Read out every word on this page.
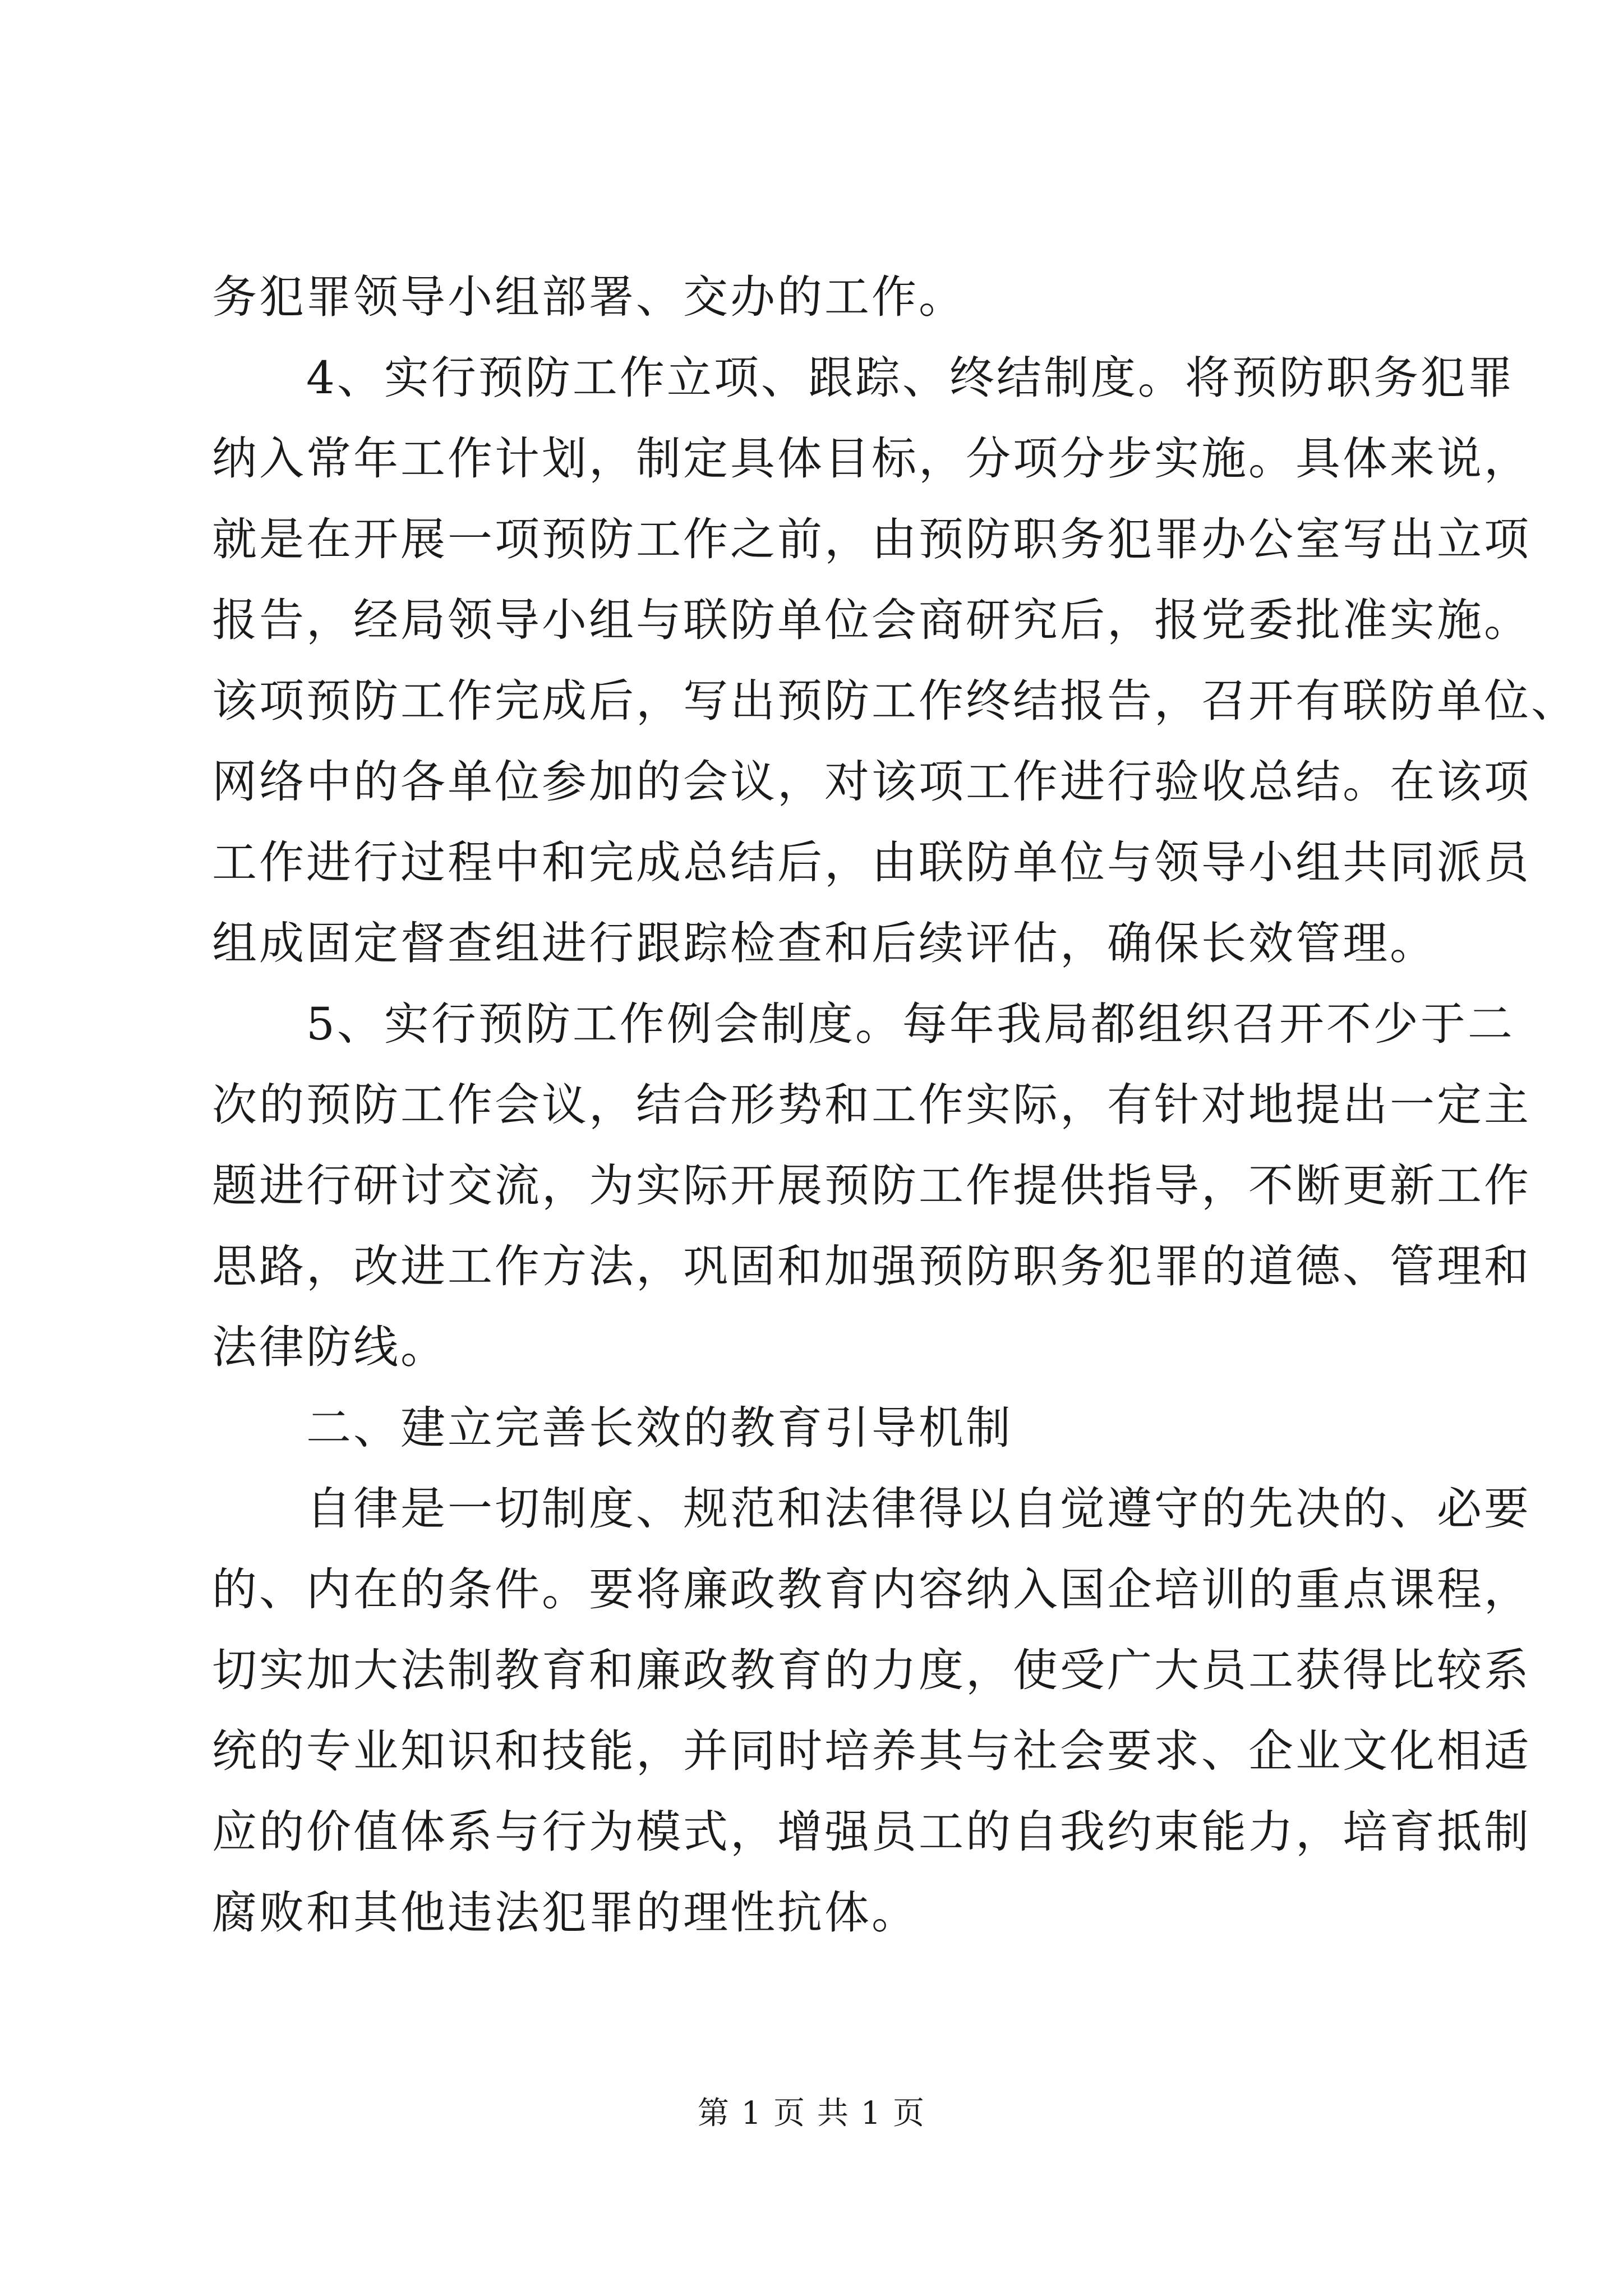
务犯罪领导小组部署、交办的工作。
4、实行预防工作立项、跟踪、终结制度。将预防职务犯罪
纳入常年工作计划，制定具体目标，分项分步实施。具体来说，
就是在开展一项预防工作之前，由预防职务犯罪办公室写出立项
报告，经局领导小组与联防单位会商研究后，报党委批准实施。
该项预防工作完成后，写出预防工作终结报告，召开有联防单位、
网络中的各单位参加的会议，对该项工作进行验收总结。在该项
工作进行过程中和完成总结后，由联防单位与领导小组共同派员
组成固定督查组进行跟踪检查和后续评估，确保长效管理。
5、实行预防工作例会制度。每年我局都组织召开不少于二
次的预防工作会议，结合形势和工作实际，有针对地提出一定主
题进行研讨交流，为实际开展预防工作提供指导，不断更新工作
思路，改进工作方法，巩固和加强预防职务犯罪的道德、管理和
法律防线。
二、建立完善长效的教育引导机制
自律是一切制度、规范和法律得以自觉遵守的先决的、必要
的、内在的条件。要将廉政教育内容纳入国企培训的重点课程，
切实加大法制教育和廉政教育的力度，使受广大员工获得比较系
统的专业知识和技能，并同时培养其与社会要求、企业文化相适
应的价值体系与行为模式，增强员工的自我约束能力，培育抵制
腐败和其他违法犯罪的理性抗体。
第 1 页 共 1 页
